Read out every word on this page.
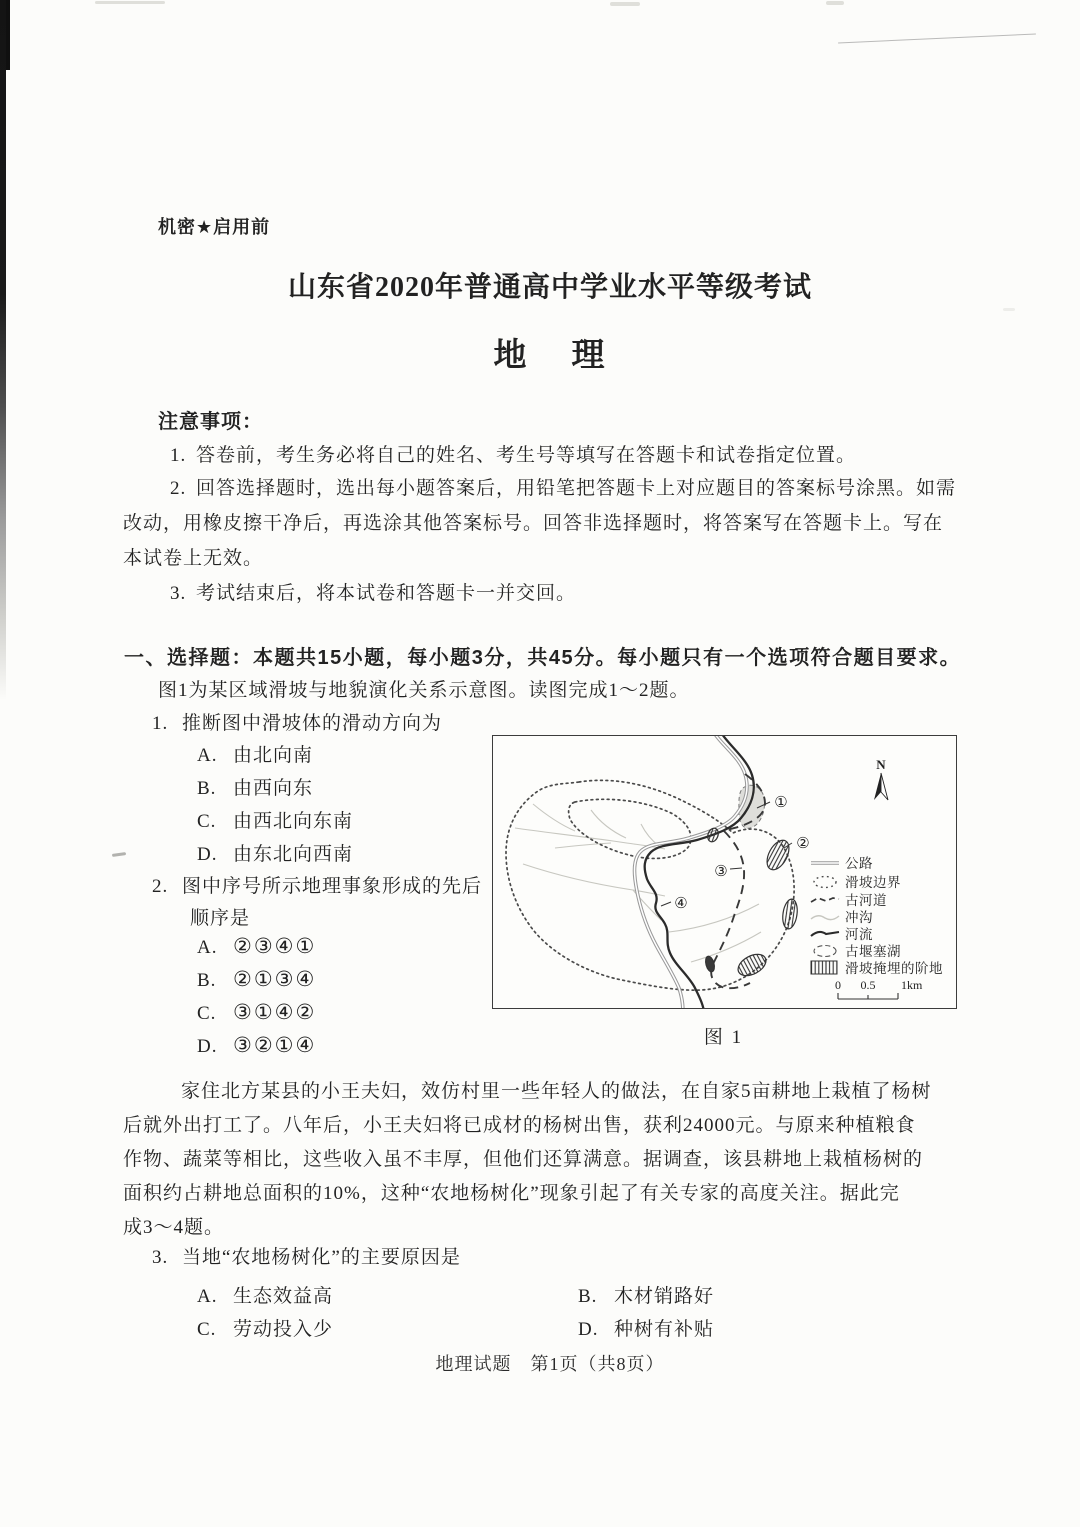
机密★启用前
山东省2020年普通高中学业水平等级考试
地　理
注意事项：
1. 答卷前，考生务必将自己的姓名、考生号等填写在答题卡和试卷指定位置。
2. 回答选择题时，选出每小题答案后，用铅笔把答题卡上对应题目的答案标号涂黑。如需
改动，用橡皮擦干净后，再选涂其他答案标号。回答非选择题时，将答案写在答题卡上。写在
本试卷上无效。
3. 考试结束后，将本试卷和答题卡一并交回。
一、选择题：本题共15小题，每小题3分，共45分。每小题只有一个选项符合题目要求。
图1为某区域滑坡与地貌演化关系示意图。读图完成1～2题。
1. 推断图中滑坡体的滑动方向为
A. 由北向南
B. 由西向东
C. 由西北向东南
D. 由东北向西南
2. 图中序号所示地理事象形成的先后
顺序是
A. ②③④①
B. ②①③④
C. ③①④②
D. ③②①④
①
②
③
④
N
公路
滑坡边界
古河道
冲沟
河流
古堰塞湖
滑坡掩埋的阶地
0 0.5 1km
图 1
家住北方某县的小王夫妇，效仿村里一些年轻人的做法，在自家5亩耕地上栽植了杨树
后就外出打工了。八年后，小王夫妇将已成材的杨树出售，获利24000元。与原来种植粮食
作物、蔬菜等相比，这些收入虽不丰厚，但他们还算满意。据调查，该县耕地上栽植杨树的
面积约占耕地总面积的10%，这种“农地杨树化”现象引起了有关专家的高度关注。据此完
成3～4题。
3. 当地“农地杨树化”的主要原因是
A. 生态效益高	B. 木材销路好
C. 劳动投入少	D. 种树有补贴
地理试题　第1页（共8页）
